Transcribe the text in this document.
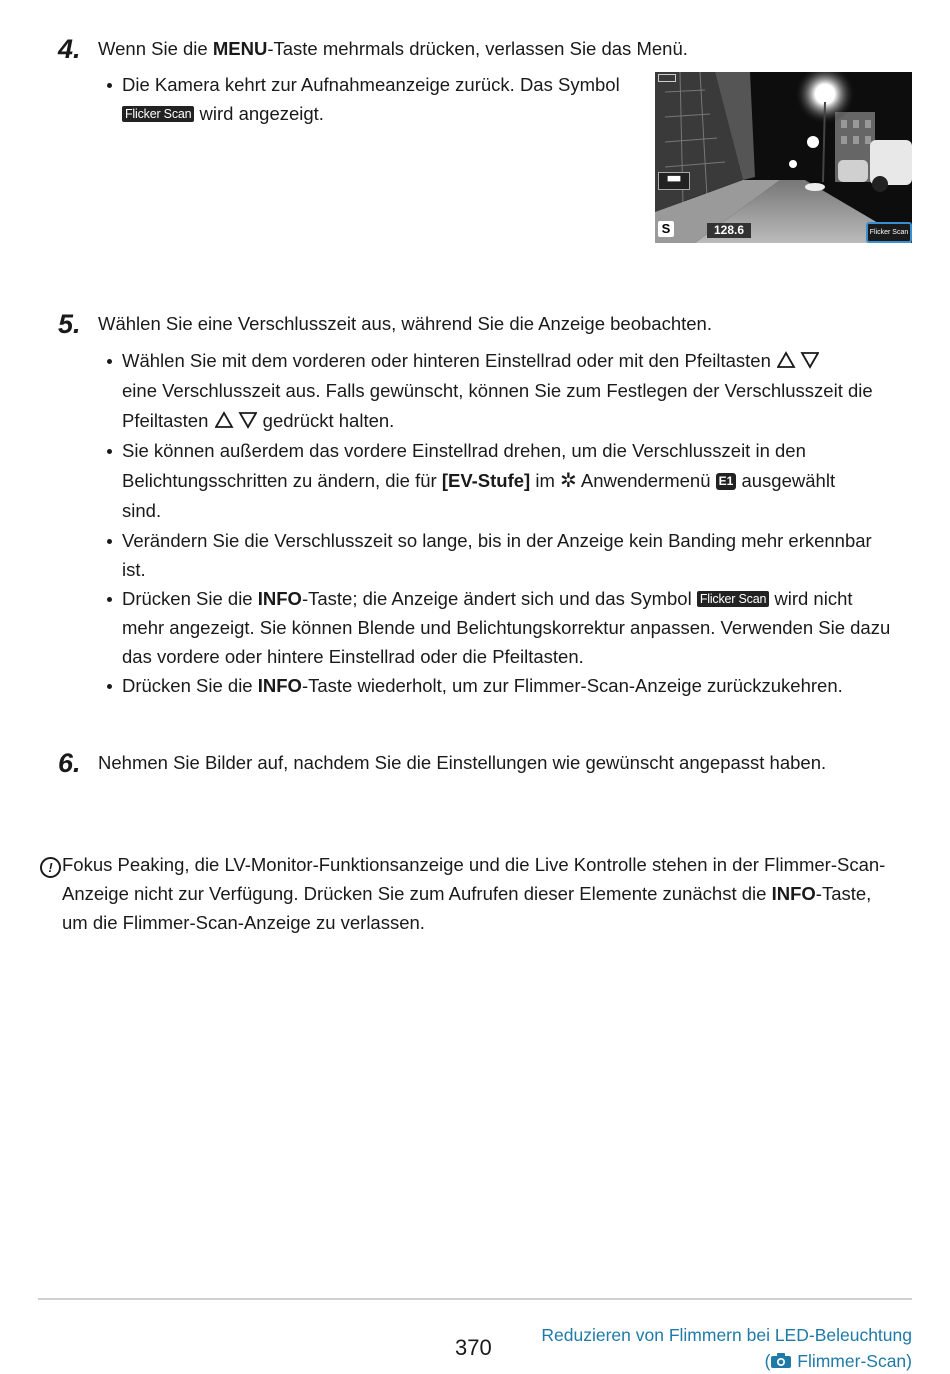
4. Wenn Sie die MENU-Taste mehrmals drücken, verlassen Sie das Menü.
Die Kamera kehrt zur Aufnahmeanzeige zurück. Das Symbol
Flicker Scan wird angezeigt.
▀▀
S	128.6	Flicker Scan
5. Wählen Sie eine Verschlusszeit aus, während Sie die Anzeige beobachten.
Wählen Sie mit dem vorderen oder hinteren Einstellrad oder mit den Pfeiltasten
eine Verschlusszeit aus. Falls gewünscht, können Sie zum Festlegen der Verschlusszeit die
Pfeiltasten	gedrückt halten.
Sie können außerdem das vordere Einstellrad drehen, um die Verschlusszeit in den
Belichtungsschritten zu ändern, die für [EV-Stufe] im ✲ Anwendermenü E1 ausgewählt
sind.
Verändern Sie die Verschlusszeit so lange, bis in der Anzeige kein Banding mehr erkennbar
ist.
Drücken Sie die INFO-Taste; die Anzeige ändert sich und das Symbol Flicker Scan wird nicht
mehr angezeigt. Sie können Blende und Belichtungskorrektur anpassen. Verwenden Sie dazu
das vordere oder hintere Einstellrad oder die Pfeiltasten.
Drücken Sie die INFO-Taste wiederholt, um zur Flimmer-Scan-Anzeige zurückzukehren.
6. Nehmen Sie Bilder auf, nachdem Sie die Einstellungen wie gewünscht angepasst haben.
! Fokus Peaking, die LV-Monitor-Funktionsanzeige und die Live Kontrolle stehen in der Flimmer-Scan-
Anzeige nicht zur Verfügung. Drücken Sie zum Aufrufen dieser Elemente zunächst die INFO-Taste,
um die Flimmer-Scan-Anzeige zu verlassen.
370	Reduzieren von Flimmern bei LED-Beleuchtung
( Flimmer-Scan)
